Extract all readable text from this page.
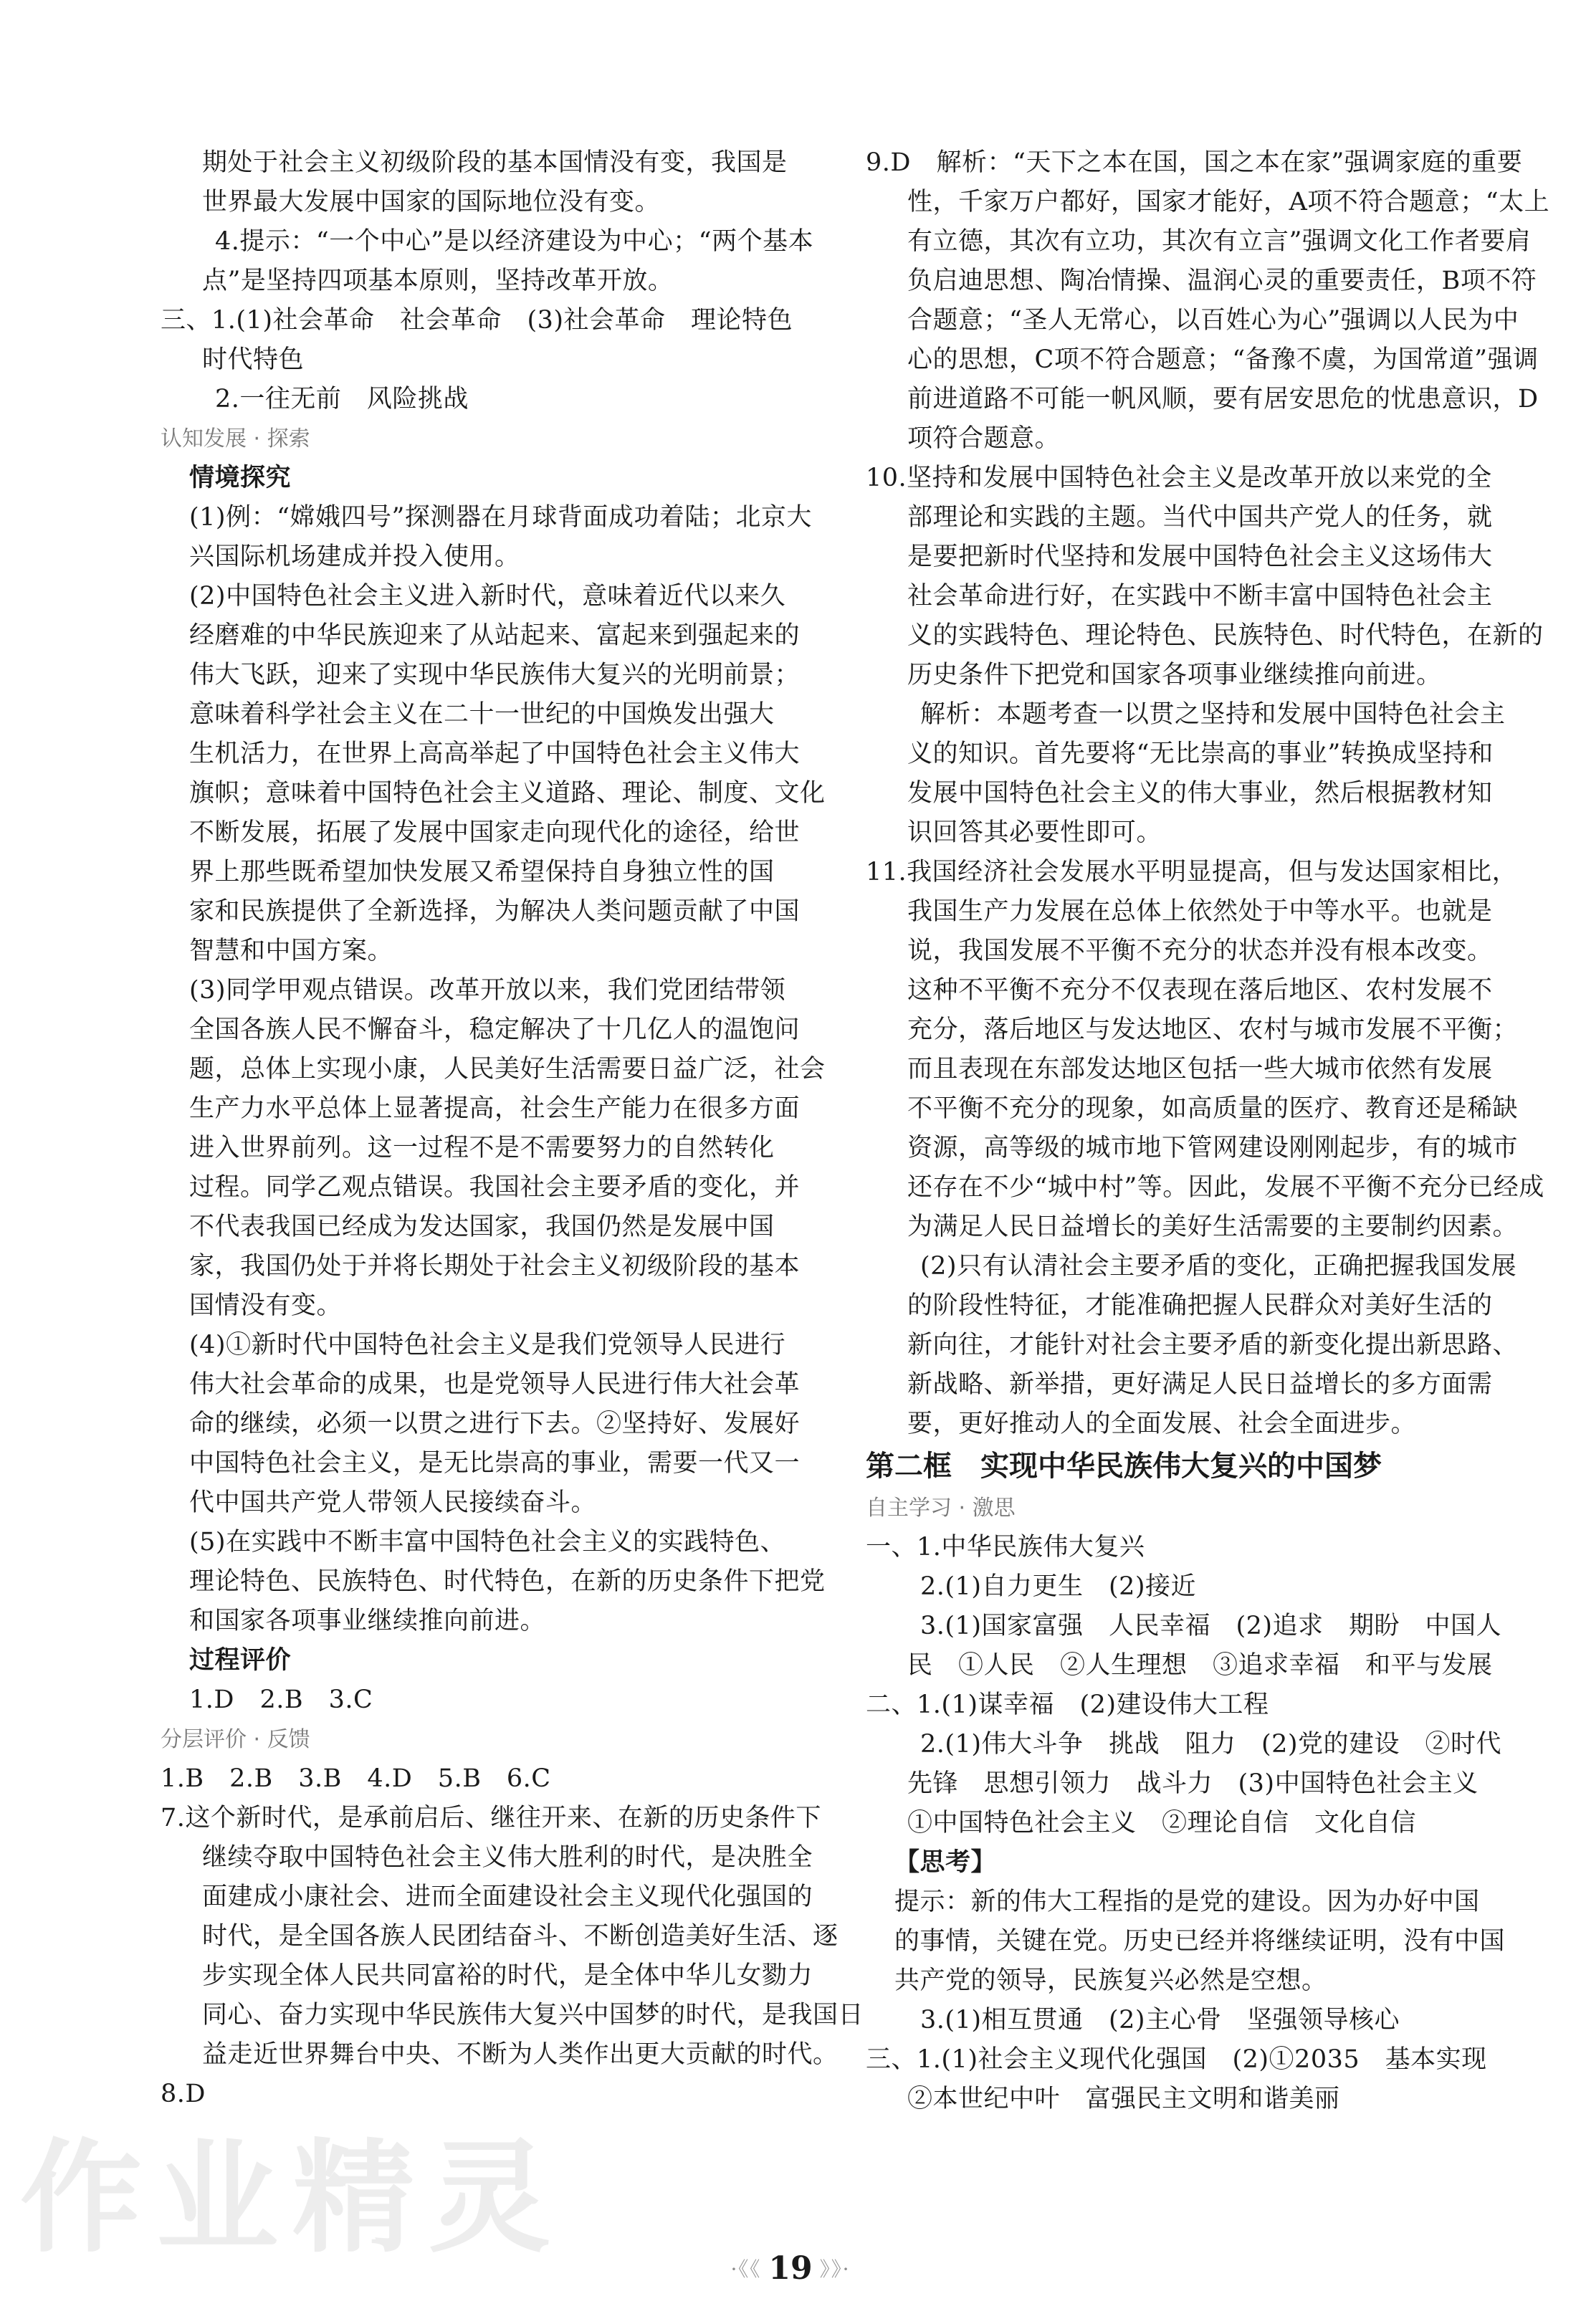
期处于社会主义初级阶段的基本国情没有变，我国是

世界最大发展中国家的国际地位没有变。

4.提示：“一个中心”是以经济建设为中心；“两个基本

点”是坚持四项基本原则，坚持改革开放。

三、1.(1)社会革命　社会革命　(3)社会革命　理论特色

时代特色

2.一往无前　风险挑战

认知发展 · 探索

情境探究

(1)例：“嫦娥四号”探测器在月球背面成功着陆；北京大

兴国际机场建成并投入使用。

(2)中国特色社会主义进入新时代，意味着近代以来久

经磨难的中华民族迎来了从站起来、富起来到强起来的

伟大飞跃，迎来了实现中华民族伟大复兴的光明前景；

意味着科学社会主义在二十一世纪的中国焕发出强大

生机活力，在世界上高高举起了中国特色社会主义伟大

旗帜；意味着中国特色社会主义道路、理论、制度、文化

不断发展，拓展了发展中国家走向现代化的途径，给世

界上那些既希望加快发展又希望保持自身独立性的国

家和民族提供了全新选择，为解决人类问题贡献了中国

智慧和中国方案。

(3)同学甲观点错误。改革开放以来，我们党团结带领

全国各族人民不懈奋斗，稳定解决了十几亿人的温饱问

题，总体上实现小康，人民美好生活需要日益广泛，社会

生产力水平总体上显著提高，社会生产能力在很多方面

进入世界前列。这一过程不是不需要努力的自然转化

过程。同学乙观点错误。我国社会主要矛盾的变化，并

不代表我国已经成为发达国家，我国仍然是发展中国

家，我国仍处于并将长期处于社会主义初级阶段的基本

国情没有变。

(4)①新时代中国特色社会主义是我们党领导人民进行

伟大社会革命的成果，也是党领导人民进行伟大社会革

命的继续，必须一以贯之进行下去。②坚持好、发展好

中国特色社会主义，是无比崇高的事业，需要一代又一

代中国共产党人带领人民接续奋斗。

(5)在实践中不断丰富中国特色社会主义的实践特色、

理论特色、民族特色、时代特色，在新的历史条件下把党

和国家各项事业继续推向前进。

过程评价

1.D　2.B　3.C

分层评价 · 反馈

1.B　2.B　3.B　4.D　5.B　6.C

7.这个新时代，是承前启后、继往开来、在新的历史条件下

继续夺取中国特色社会主义伟大胜利的时代，是决胜全

面建成小康社会、进而全面建设社会主义现代化强国的

时代，是全国各族人民团结奋斗、不断创造美好生活、逐

步实现全体人民共同富裕的时代，是全体中华儿女勠力

同心、奋力实现中华民族伟大复兴中国梦的时代，是我国日

益走近世界舞台中央、不断为人类作出更大贡献的时代。

8.D

9.D　解析：“天下之本在国，国之本在家”强调家庭的重要

性，千家万户都好，国家才能好，A项不符合题意；“太上

有立德，其次有立功，其次有立言”强调文化工作者要肩

负启迪思想、陶冶情操、温润心灵的重要责任，B项不符

合题意；“圣人无常心，以百姓心为心”强调以人民为中

心的思想，C项不符合题意；“备豫不虞，为国常道”强调

前进道路不可能一帆风顺，要有居安思危的忧患意识，D

项符合题意。

10.坚持和发展中国特色社会主义是改革开放以来党的全

部理论和实践的主题。当代中国共产党人的任务，就

是要把新时代坚持和发展中国特色社会主义这场伟大

社会革命进行好，在实践中不断丰富中国特色社会主

义的实践特色、理论特色、民族特色、时代特色，在新的

历史条件下把党和国家各项事业继续推向前进。

解析：本题考查一以贯之坚持和发展中国特色社会主

义的知识。首先要将“无比崇高的事业”转换成坚持和

发展中国特色社会主义的伟大事业，然后根据教材知

识回答其必要性即可。

11.我国经济社会发展水平明显提高，但与发达国家相比，

我国生产力发展在总体上依然处于中等水平。也就是

说，我国发展不平衡不充分的状态并没有根本改变。

这种不平衡不充分不仅表现在落后地区、农村发展不

充分，落后地区与发达地区、农村与城市发展不平衡；

而且表现在东部发达地区包括一些大城市依然有发展

不平衡不充分的现象，如高质量的医疗、教育还是稀缺

资源，高等级的城市地下管网建设刚刚起步，有的城市

还存在不少“城中村”等。因此，发展不平衡不充分已经成

为满足人民日益增长的美好生活需要的主要制约因素。

(2)只有认清社会主要矛盾的变化，正确把握我国发展

的阶段性特征，才能准确把握人民群众对美好生活的

新向往，才能针对社会主要矛盾的新变化提出新思路、

新战略、新举措，更好满足人民日益增长的多方面需

要，更好推动人的全面发展、社会全面进步。

第二框　实现中华民族伟大复兴的中国梦

自主学习 · 激思

一、1.中华民族伟大复兴

2.(1)自力更生　(2)接近

3.(1)国家富强　人民幸福　(2)追求　期盼　中国人

民　①人民　②人生理想　③追求幸福　和平与发展

二、1.(1)谋幸福　(2)建设伟大工程

2.(1)伟大斗争　挑战　阻力　(2)党的建设　②时代

先锋　思想引领力　战斗力　(3)中国特色社会主义

①中国特色社会主义　②理论自信　文化自信

【思考】

提示：新的伟大工程指的是党的建设。因为办好中国

的事情，关键在党。历史已经并将继续证明，没有中国

共产党的领导，民族复兴必然是空想。

3.(1)相互贯通　(2)主心骨　坚强领导核心

三、1.(1)社会主义现代化强国　(2)①2035　基本实现

②本世纪中叶　富强民主文明和谐美丽

作业精灵	·《《 19 》》·
